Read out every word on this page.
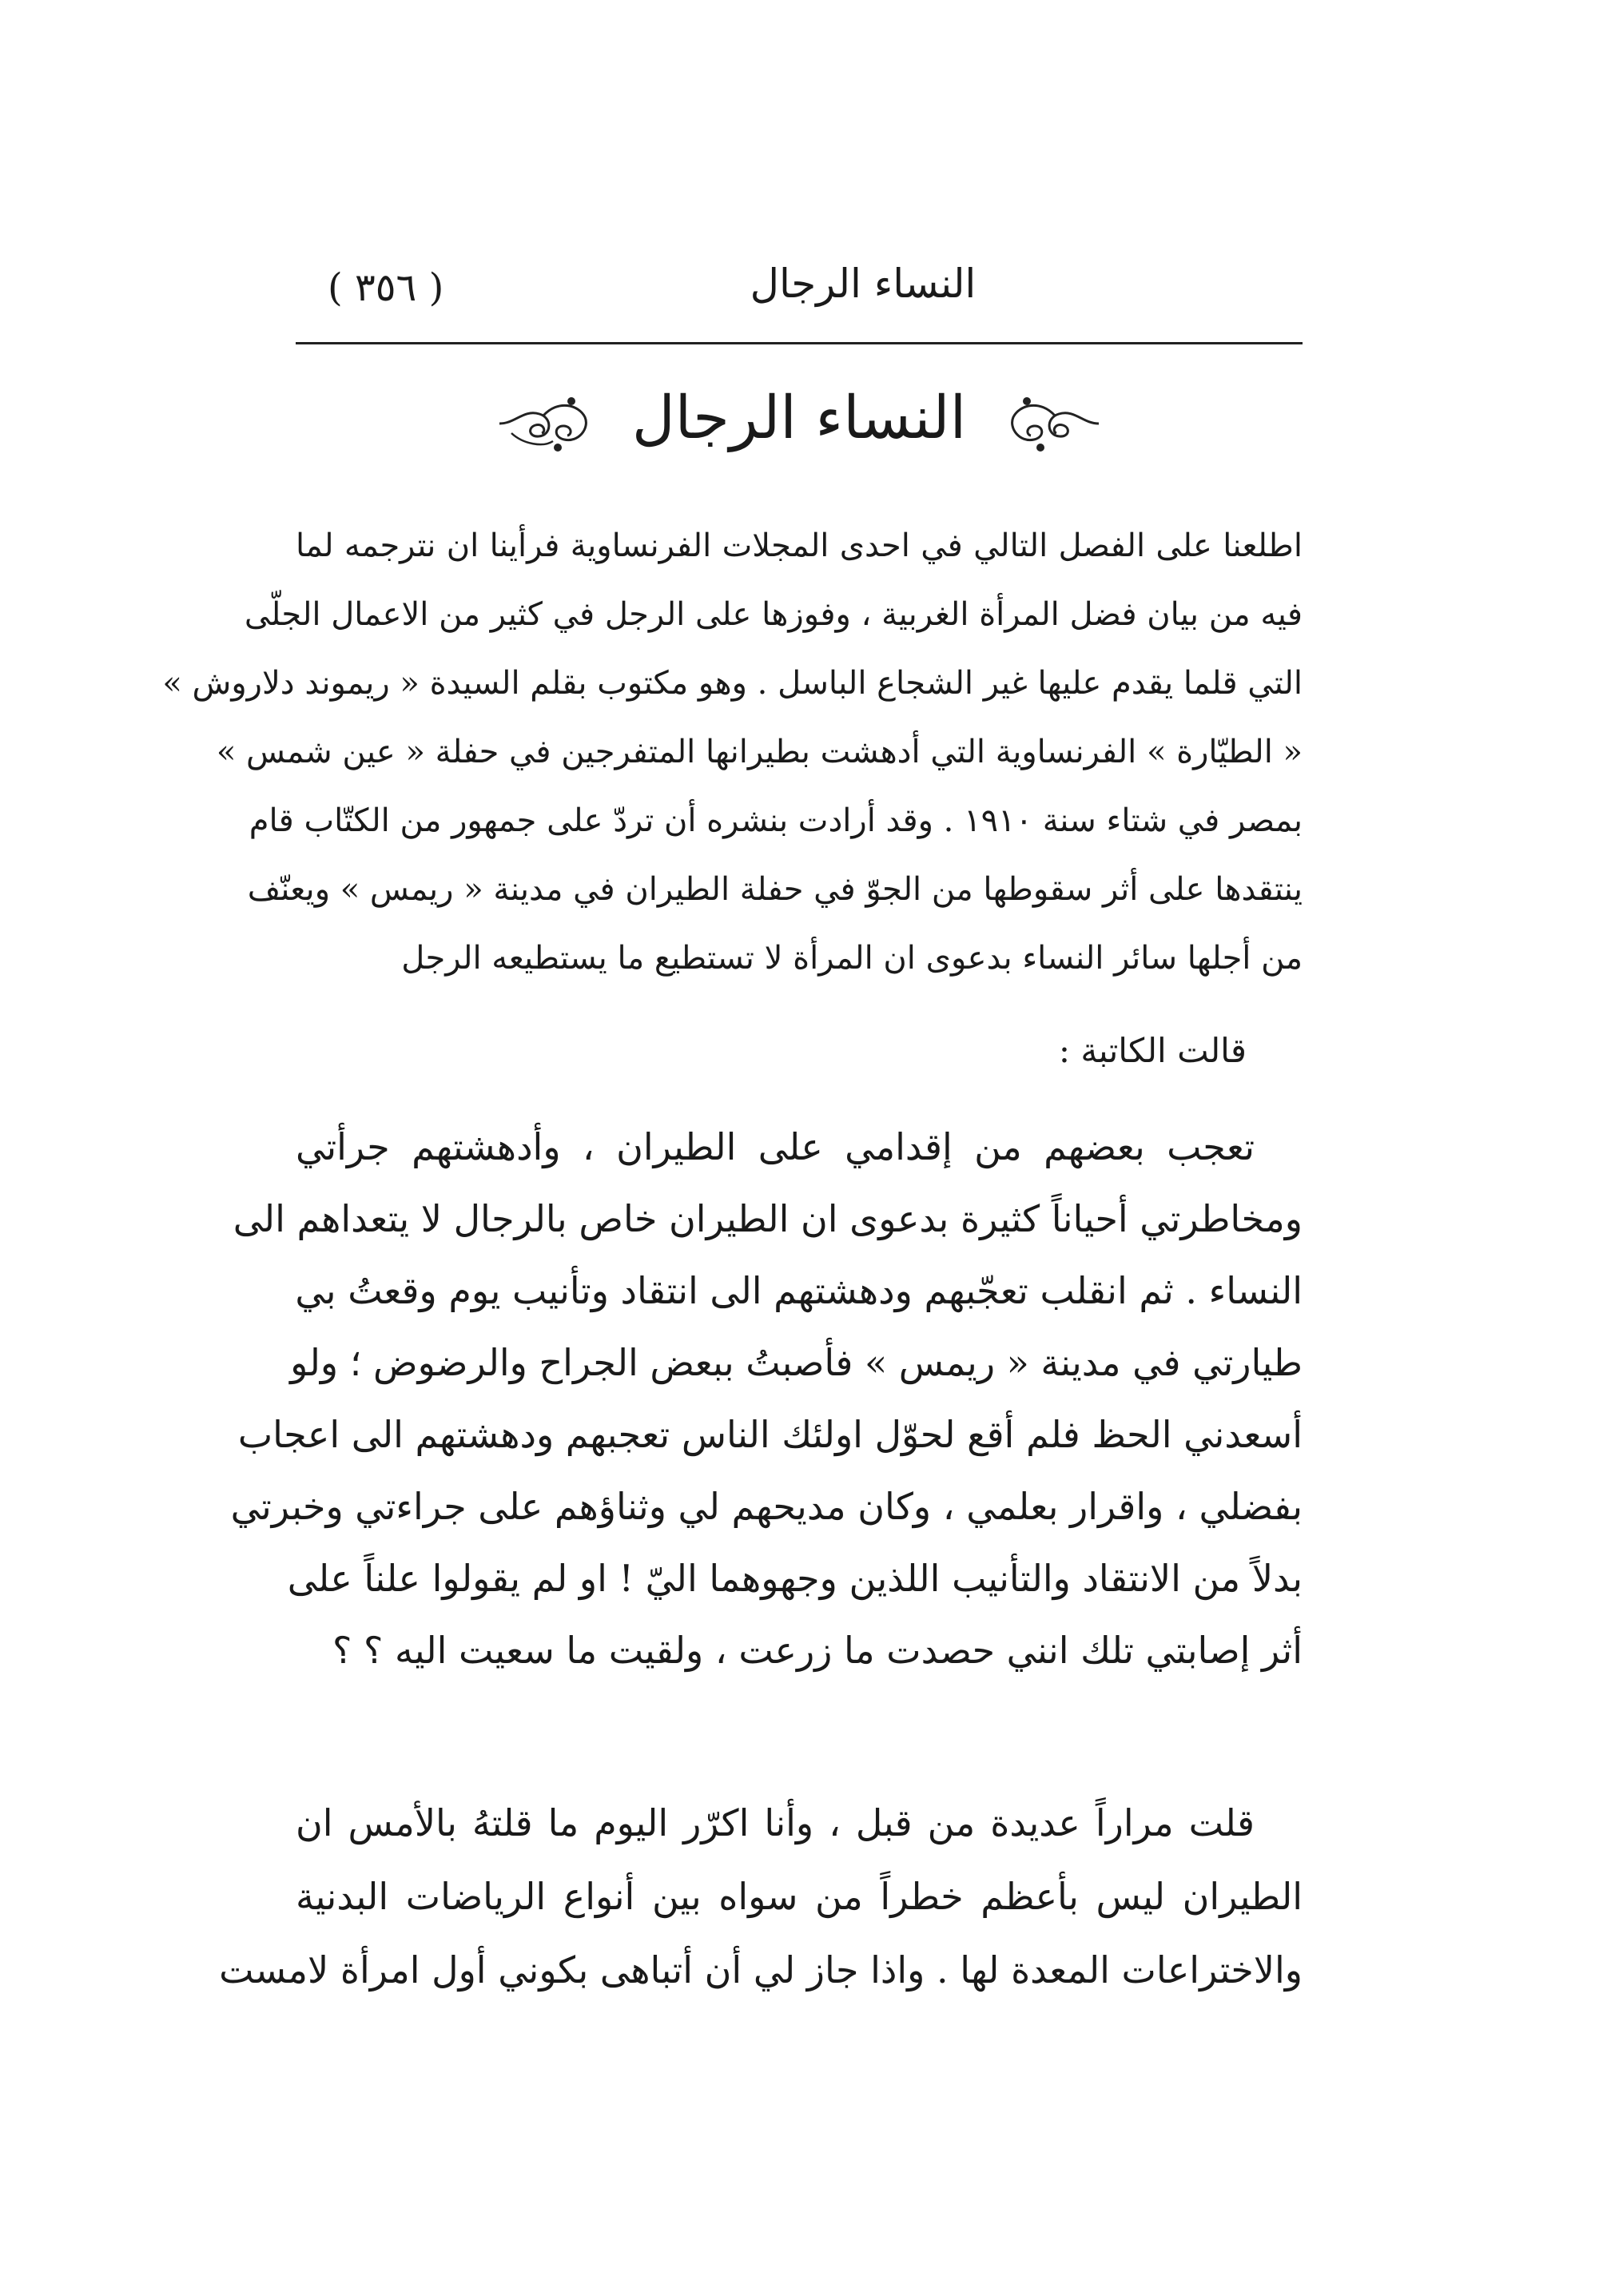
( ٣٥٦ )	النساء الرجال
النساء الرجال
اطلعنا على الفصل التالي في احدى المجلات الفرنساوية فرأينا ان نترجمه لما
فيه من بيان فضل المرأة الغربية ، وفوزها على الرجل في كثير من الاعمال الجلّى
التي قلما يقدم عليها غير الشجاع الباسل . وهو مكتوب بقلم السيدة « ريموند دلاروش »
« الطيّارة » الفرنساوية التي أدهشت بطيرانها المتفرجين في حفلة « عين شمس »
بمصر في شتاء سنة ١٩١٠ . وقد أرادت بنشره أن تردّ على جمهور من الكتّاب قام
ينتقدها على أثر سقوطها من الجوّ في حفلة الطيران في مدينة « ريمس » ويعنّف
من أجلها سائر النساء بدعوى ان المرأة لا تستطيع ما يستطيعه الرجل
قالت الكاتبة :
تعجب بعضهم من إقدامي على الطيران ، وأدهشتهم جرأتي
ومخاطرتي أحياناً كثيرة بدعوى ان الطيران خاص بالرجال لا يتعداهم الى
النساء . ثم انقلب تعجّبهم ودهشتهم الى انتقاد وتأنيب يوم وقعتُ بي
طيارتي في مدينة « ريمس » فأصبتُ ببعض الجراح والرضوض ؛ ولو
أسعدني الحظ فلم أقع لحوّل اولئك الناس تعجبهم ودهشتهم الى اعجاب
بفضلي ، واقرار بعلمي ، وكان مديحهم لي وثناؤهم على جراءتي وخبرتي
بدلاً من الانتقاد والتأنيب اللذين وجهوهما اليّ ! او لم يقولوا علناً على
أثر إصابتي تلك انني حصدت ما زرعت ، ولقيت ما سعيت اليه ؟ ؟
قلت مراراً عديدة من قبل ، وأنا اكرّر اليوم ما قلتهُ بالأمس ان
الطيران ليس بأعظم خطراً من سواه بين أنواع الرياضات البدنية
والاختراعات المعدة لها . واذا جاز لي أن أتباهى بكوني أول امرأة لامست
